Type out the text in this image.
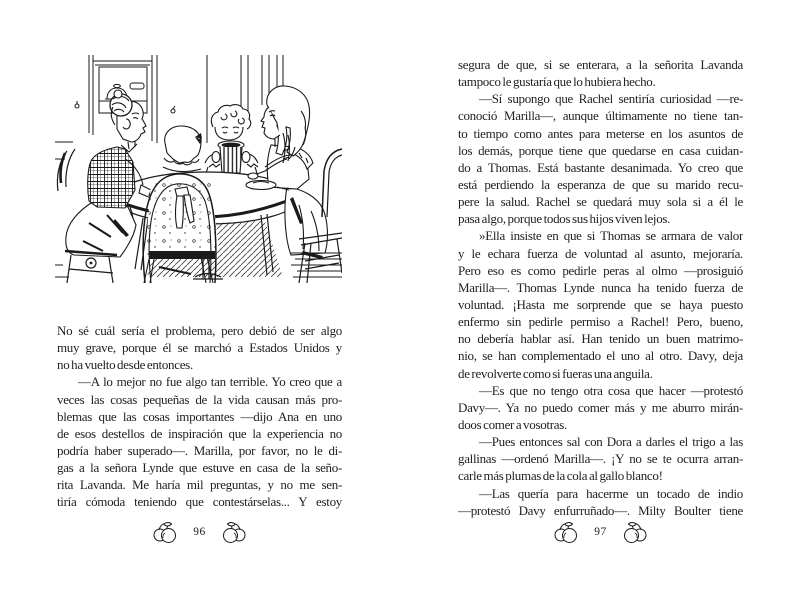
No sé cuál sería el problema, pero debió de ser algo
muy grave, porque él se marchó a Estados Unidos y
no ha vuelto desde entonces.
—A lo mejor no fue algo tan terrible. Yo creo que a
veces las cosas pequeñas de la vida causan más pro-
blemas que las cosas importantes —dijo Ana en uno
de esos destellos de inspiración que la experiencia no
podría haber superado—. Marilla, por favor, no le di-
gas a la señora Lynde que estuve en casa de la seño-
rita Lavanda. Me haría mil preguntas, y no me sen-
tiría cómoda teniendo que contestárselas... Y estoy
96
segura de que, si se enterara, a la señorita Lavanda
tampoco le gustaría que lo hubiera hecho.
—Sí supongo que Rachel sentiría curiosidad —re-
conoció Marilla—, aunque últimamente no tiene tan-
to tiempo como antes para meterse en los asuntos de
los demás, porque tiene que quedarse en casa cuidan-
do a Thomas. Está bastante desanimada. Yo creo que
está perdiendo la esperanza de que su marido recu-
pere la salud. Rachel se quedará muy sola si a él le
pasa algo, porque todos sus hijos viven lejos.
»Ella insiste en que si Thomas se armara de valor
y le echara fuerza de voluntad al asunto, mejoraría.
Pero eso es como pedirle peras al olmo —prosiguió
Marilla—. Thomas Lynde nunca ha tenido fuerza de
voluntad. ¡Hasta me sorprende que se haya puesto
enfermo sin pedirle permiso a Rachel! Pero, bueno,
no debería hablar así. Han tenido un buen matrimo-
nio, se han complementado el uno al otro. Davy, deja
de revolverte como si fueras una anguila.
—Es que no tengo otra cosa que hacer —protestó
Davy—. Ya no puedo comer más y me aburro mirán-
doos comer a vosotras.
—Pues entonces sal con Dora a darles el trigo a las
gallinas —ordenó Marilla—. ¡Y no se te ocurra arran-
carle más plumas de la cola al gallo blanco!
—Las quería para hacerme un tocado de indio
—protestó Davy enfurruñado—. Milty Boulter tiene
97
